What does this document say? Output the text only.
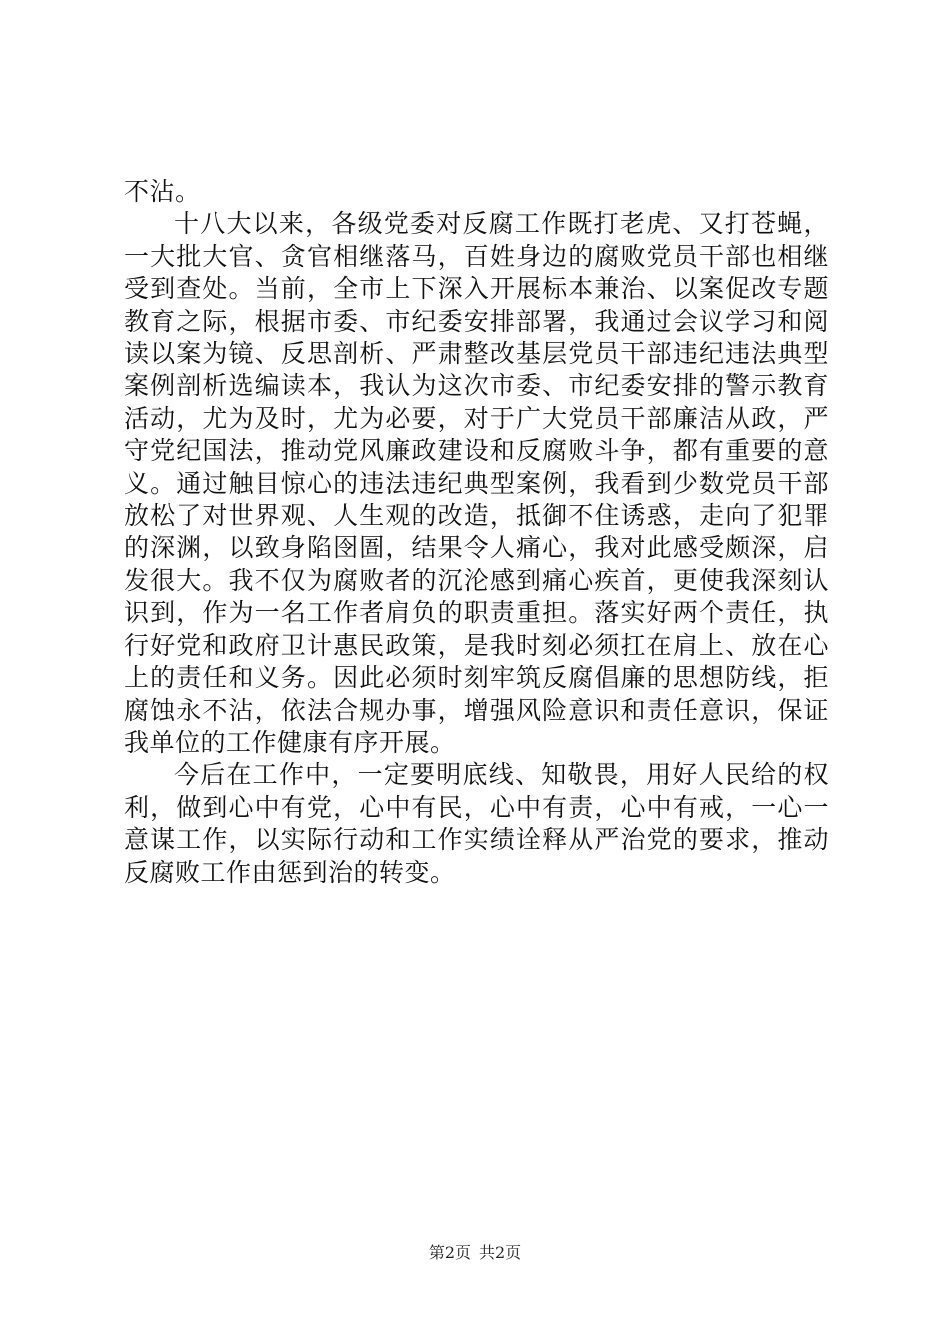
不沾。

十八大以来，各级党委对反腐工作既打老虎、又打苍蝇，一大批大官、贪官相继落马，百姓身边的腐败党员干部也相继受到查处。当前，全市上下深入开展标本兼治、以案促改专题教育之际，根据市委、市纪委安排部署，我通过会议学习和阅读以案为镜、反思剖析、严肃整改基层党员干部违纪违法典型案例剖析选编读本，我认为这次市委、市纪委安排的警示教育活动，尤为及时，尤为必要，对于广大党员干部廉洁从政，严守党纪国法，推动党风廉政建设和反腐败斗争，都有重要的意义。通过触目惊心的违法违纪典型案例，我看到少数党员干部放松了对世界观、人生观的改造，抵御不住诱惑，走向了犯罪的深渊，以致身陷囹圄，结果令人痛心，我对此感受颇深，启发很大。我不仅为腐败者的沉沦感到痛心疾首，更使我深刻认识到，作为一名工作者肩负的职责重担。落实好两个责任，执行好党和政府卫计惠民政策，是我时刻必须扛在肩上、放在心上的责任和义务。因此必须时刻牢筑反腐倡廉的思想防线，拒腐蚀永不沾，依法合规办事，增强风险意识和责任意识，保证我单位的工作健康有序开展。

今后在工作中，一定要明底线、知敬畏，用好人民给的权利，做到心中有党，心中有民，心中有责，心中有戒，一心一意谋工作，以实际行动和工作实绩诠释从严治党的要求，推动反腐败工作由惩到治的转变。

第2页 共2页
